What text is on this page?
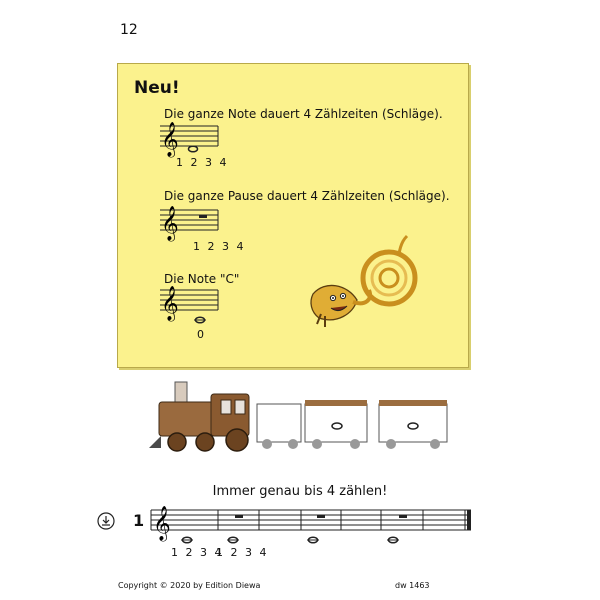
12
Neu!
Die ganze Note dauert 4 Zählzeiten (Schläge).
𝄞
1 2 3 4
Die ganze Pause dauert 4 Zählzeiten (Schläge).
𝄞
1 2 3 4
Die Note "C"
𝄞
0
Immer genau bis 4 zählen!
1 𝄞
1 2 3 4
1 2 3 4
Copyright © 2020 by Edition Diewa	dw 1463
